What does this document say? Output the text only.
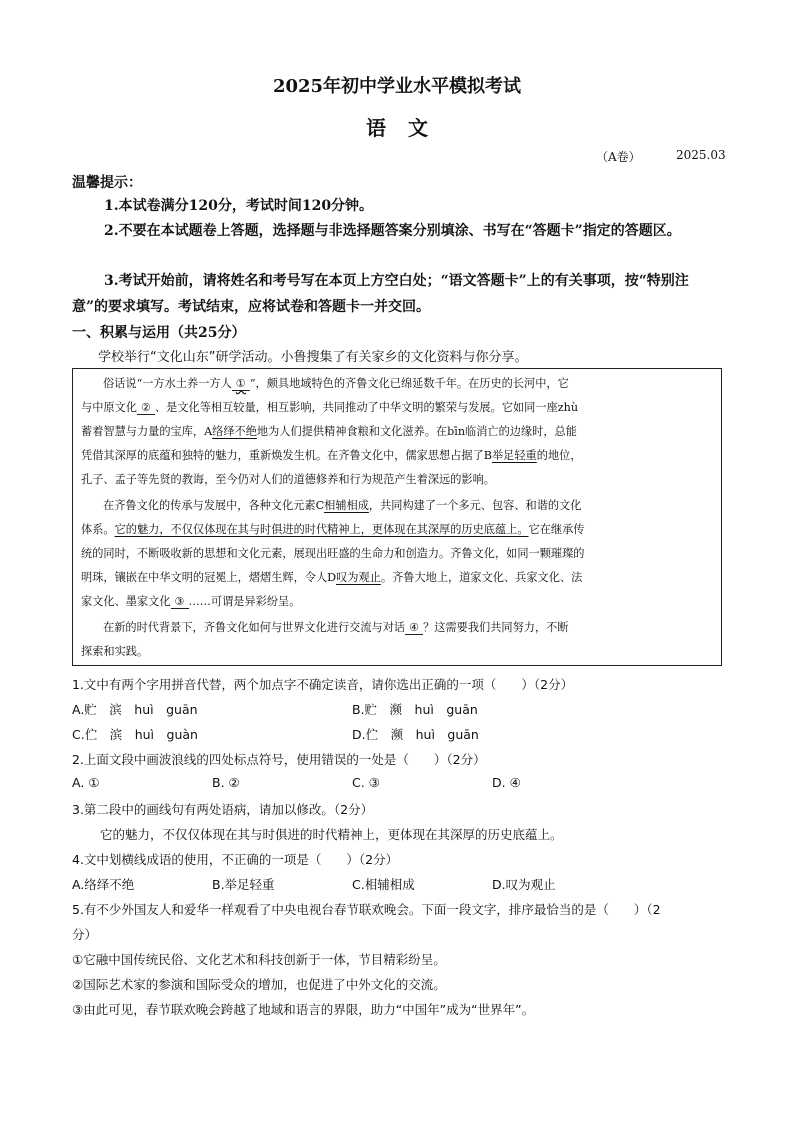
2025年初中学业水平模拟考试
语文
（A卷）	2025.03
温馨提示：
1.本试卷满分120分，考试时间120分钟。
2.不要在本试题卷上答题，选择题与非选择题答案分别填涂、书写在“答题卡”指定的答题区。
3.考试开始前，请将姓名和考号写在本页上方空白处；“语文答题卡”上的有关事项，按“特别注意”的要求填写。考试结束，应将试卷和答题卡一并交回。
一、积累与运用（共25分）
学校举行“文化山东”研学活动。小鲁搜集了有关家乡的文化资料与你分享。
俗话说“一方水土养一方人 ① ”，颇具地域特色的齐鲁文化已绵延数千年。在历史的长河中，它
与中原文化 ② 、是文化等相互较量，相互影响，共同推动了中华文明的繁荣与发展。它如同一座zhù
蓄着智慧与力量的宝库，A络绎不绝地为人们提供精神食粮和文化滋养。在bīn临消亡的边缘时，总能
凭借其深厚的底蕴和独特的魅力，重新焕发生机。在齐鲁文化中，儒家思想占据了B举足轻重的地位，
孔子、孟子等先贤的教诲，至今仍对人们的道德修养和行为规范产生着深远的影响。
在齐鲁文化的传承与发展中，各种文化元素C相辅相成，共同构建了一个多元、包容、和谐的文化
体系。它的魅力，不仅仅体现在其与时俱进的时代精神上，更体现在其深厚的历史底蕴上。它在继承传
统的同时，不断吸收新的思想和文化元素，展现出旺盛的生命力和创造力。齐鲁文化，如同一颗璀璨的
明珠，镶嵌在中华文明的冠冕上，熠熠生辉，令人D叹为观止。齐鲁大地上，道家文化、兵家文化、法
家文化、墨家文化 ③ ……可谓是异彩纷呈。
在新的时代背景下，齐鲁文化如何与世界文化进行交流与对话 ④ ？这需要我们共同努力，不断
探索和实践。
1.文中有两个字用拼音代替，两个加点字不确定读音，请你选出正确的一项（　　）（2分）
A.贮　滨　huì　guān	B.贮　濒　huì　guān
C.伫　滨　huì　guàn	D.伫　濒　huì　guān
2.上面文段中画波浪线的四处标点符号，使用错误的一处是（　　）（2分）
A. ①	B. ②	C. ③	D. ④
3.第二段中的画线句有两处语病，请加以修改。（2分）
它的魅力，不仅仅体现在其与时俱进的时代精神上，更体现在其深厚的历史底蕴上。
4.文中划横线成语的使用，不正确的一项是（　　）（2分）
A.络绎不绝	B.举足轻重	C.相辅相成	D.叹为观止
5.有不少外国友人和爱华一样观看了中央电视台春节联欢晚会。下面一段文字，排序最恰当的是（　　）（2
分）
①它融中国传统民俗、文化艺术和科技创新于一体，节目精彩纷呈。
②国际艺术家的参演和国际受众的增加，也促进了中外文化的交流。
③由此可见，春节联欢晚会跨越了地域和语言的界限，助力“中国年”成为“世界年”。
